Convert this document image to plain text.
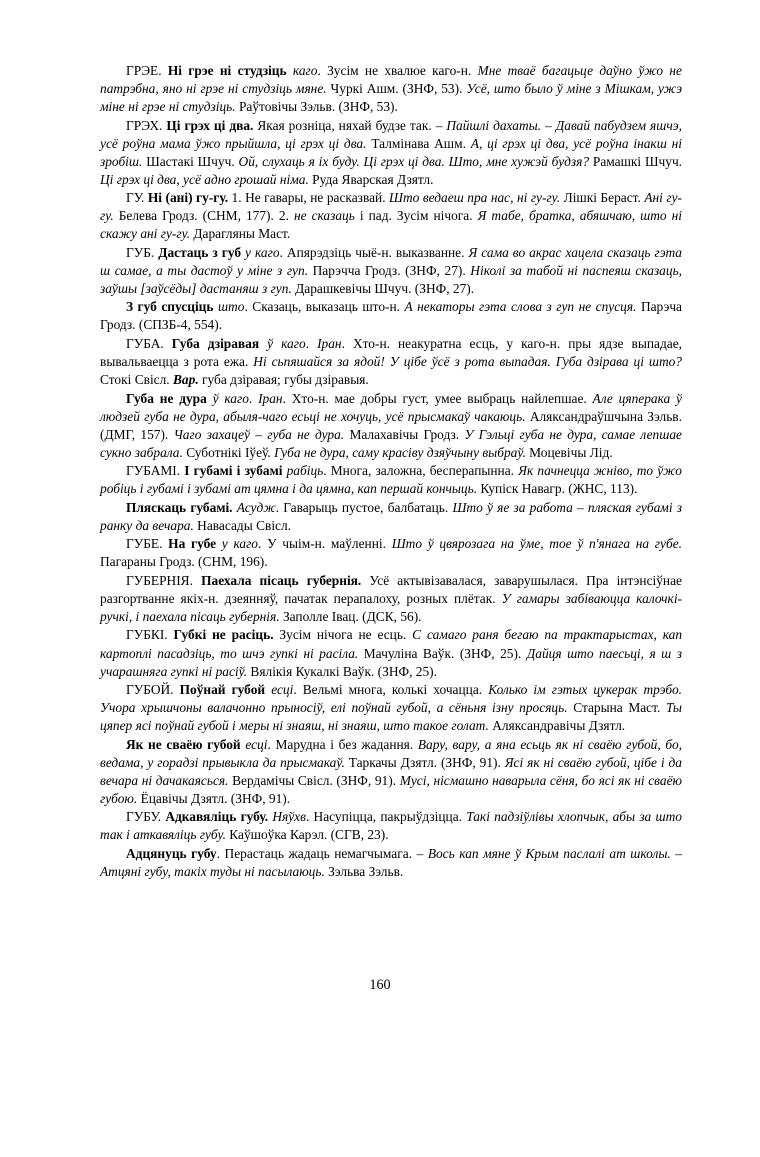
ГРЭЕ. Ні грэе ні студзіць каго. Зусім не хвалюе каго-н. Мне тваё багацьце даўно ўжо не патрэбна, яно ні грэе ні студзіць мяне. Чуркі Ашм. (ЗНФ, 53). Усё, што было ў міне з Мішкам, ужэ міне ні грэе ні студзіць. Раўтовічы Зэльв. (ЗНФ, 53).

ГРЭХ. Ці грэх ці два. Якая розніца, няхай будзе так. – Пайшлі дахаты. – Давай пабудзем яшчэ, усё роўна мама ўжо прыйшла, ці грэх ці два. Талмінава Ашм. А, ці грэх ці два, усё роўна інакш ні зробіш. Шастакі Шчуч. Ой, слухаць я іх буду. Ці грэх ці два. Што, мне хужэй будзя? Рамашкі Шчуч. Ці грэх ці два, усё адно грошай німа. Руда Яварская Дзятл.

ГУ. Ні (ані) гу-гу. 1. Не гавары, не расказвай. Што ведаеш пра нас, ні гу-гу. Лішкі Бераст. Ані гу-гу. Белева Гродз. (СНМ, 177). 2. не сказаць і пад. Зусім нічога. Я табе, братка, абяшчаю, што ні скажу ані гу-гу. Дарагляны Маст.

ГУБ. Дастаць з губ у каго. Апярэдзіць чыё-н. выказванне. Я сама во акрас хацела сказаць гэта ш самае, а ты дастоў у міне з гуп. Парэчча Гродз. (ЗНФ, 27). Ніколі за табой ні паспеяш сказаць, заўшы [заўсёды] дастаняш з гуп. Дарашкевічы Шчуч. (ЗНФ, 27).

З губ спусціць што. Сказаць, выказаць што-н. А некаторы гэта слова з гуп не спуcця. Парэча Гродз. (СПЗБ-4, 554).

ГУБА. Губа дзіравая ў каго. Іран. Хто-н. неакуратна есць, у каго-н. пры ядзе выпадае, вывальваецца з рота ежа. Ні сьпяшайся за ядой! У цібе ўсё з рота выпадая. Губа дзірава ці што? Стокі Свісл. Вар. губа дзіравая; губы дзіравыя.

Губа не дура ў каго. Іран. Хто-н. мае добры густ, умее выбраць найлепшае. Але цяперака ў людзей губа не дура, абыля-чаго есьці не хочуць, усё прысмакаў чакаюць. Аляксандраўшчына Зэльв. (ДМГ, 157). Чаго захацеў – губа не дура. Малахавічы Гродз. У Гэльці губа не дура, самае лепшае сукно забрала. Суботнікі Іўеў. Губа не дура, саму красіву дзяўчыну выбраў. Моцевічы Лід.

ГУБАМІ. І губамі і зубамі рабіць. Многа, заложна, бесперапынна. Як пачнецца жніво, то ўжо робіць і губамі і зубамі ат цямна і да цямна, кап першай кончыць. Купіск Навагр. (ЖНС, 113).

Пляскаць губамі. Асудж. Гаварыць пустое, балбатаць. Што ў яе за работа – пляская губамі з ранку да вечара. Навасады Свісл.

ГУБЕ. На губе у каго. У чыім-н. маўленні. Што ў цвярозага на ўме, тое ў п'янага на губе. Пагараны Гродз. (СНМ, 196).

ГУБЕРНІЯ. Паехала пісаць губернія. Усё актывізавалася, заварушылася. Пра інтэнсіўнае разгортванне якіх-н. дзеянняў, пачатак перапалоху, розных плётак. У гамары забіваюцца калочкі-ручкі, і паехала пісаць губернія. Заполле Івац. (ДСК, 56).

ГУБКІ. Губкі не расіць. Зусім нічога не есць. С самаго раня бегаю па трактарыстах, кап картоплі пасадзіць, то шчэ гупкі ні расіла. Мачуліна Ваўк. (ЗНФ, 25). Дайця што паесьці, я ш з учарашняга гупкі ні расіў. Вялікія Кукалкі Ваўк. (ЗНФ, 25).

ГУБОЙ. Поўнай губой есці. Вельмі многа, колькі хочацца. Колько ім гэтых цукерак трэбо. Учора хрышчоны валачонно прыносіў, елі поўнай губой, а сёньня ізну просяць. Старына Маст. Ты цяпер ясі поўнай губой і меры ні знаяш, ні знаяш, што такое голат. Аляксандравічы Дзятл.

Як не сваёю губой есці. Марудна і без жадання. Вару, вару, а яна есьць як ні сваёю губой, бо, ведама, у горадзі прывыкла да прысмакаў. Таркачы Дзятл. (ЗНФ, 91). Ясі як ні сваёю губой, цібе і да вечара ні дачакаясься. Вердамічы Свісл. (ЗНФ, 91). Мусі, нісмашно наварыла сёня, бо ясі як ні сваёю губою. Ёцавічы Дзятл. (ЗНФ, 91).

ГУБУ. Адкавяліць губу. Няўхв. Насупіцца, пакрыўдзіцца. Такі падзіўлівы хлопчык, абы за што так і аткавяліць губу. Каўшоўка Карэл. (СГВ, 23).

Адцянуць губу. Перастаць жадаць немагчымага. – Вось кап мяне ў Крым паслалі ат школы. – Атцяні губу, такіх туды ні пасылаюць. Зэльва Зэльв.

160
